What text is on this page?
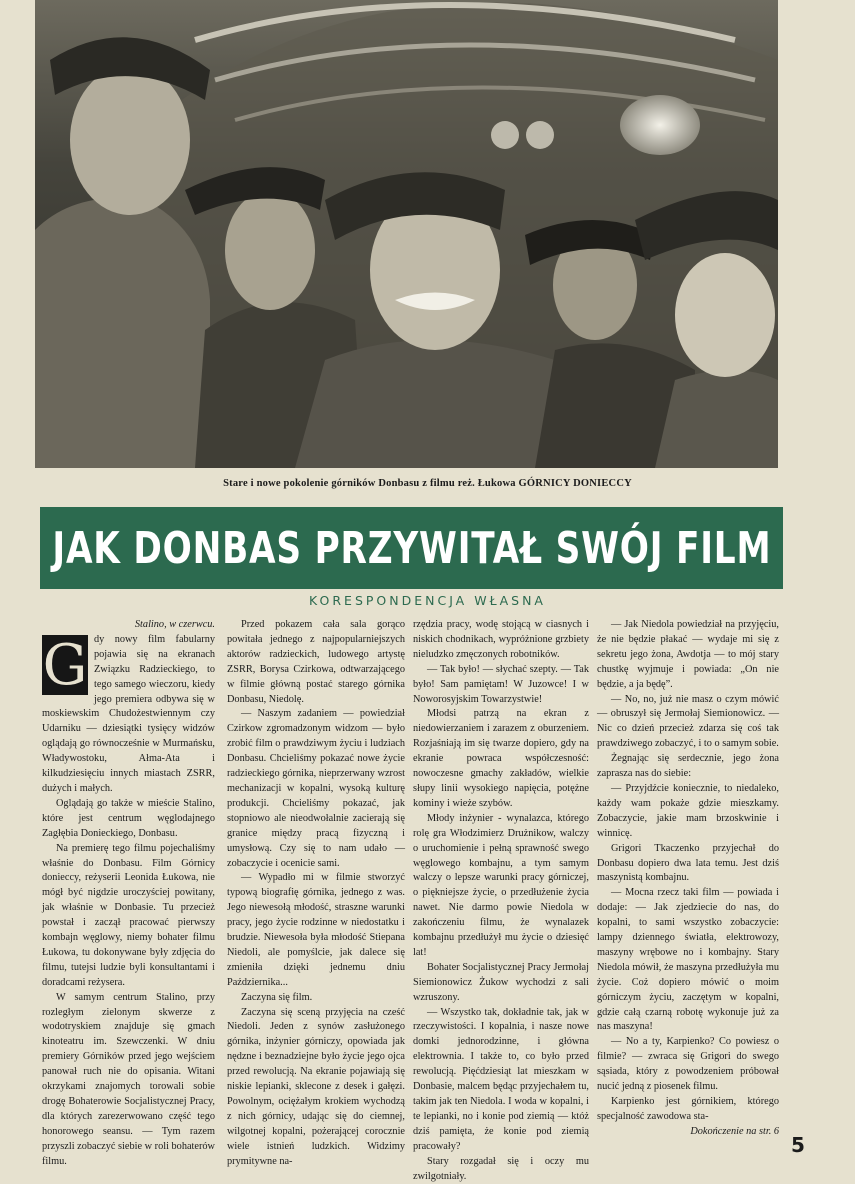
Stare i nowe pokolenie górników Donbasu z filmu reż. Łukowa GÓRNICY DONIECCY
JAK DONBAS PRZYWITAŁ SWÓJ FILM
KORESPONDENCJA WŁASNA

Stalino, w czerwcu.

G dy nowy film fabularny pojawia się na ekranach Związku Radzieckiego, to tego samego wieczoru, kiedy jego premiera odbywa się w moskiewskim Chudożestwiennym czy Udarniku — dziesiątki tysięcy widzów oglądają go równocześnie w Murmańsku, Władywostoku, Ałma-Ata i kilkudziesięciu innych miastach ZSRR, dużych i małych.

Oglądają go także w mieście Stalino, które jest centrum węglodajnego Zagłębia Donieckiego, Donbasu.

Na premierę tego filmu pojechaliśmy właśnie do Donbasu. Film Górnicy donieccy, reżyserii Leonida Łukowa, nie mógł być nigdzie uroczyściej powitany, jak właśnie w Donbasie. Tu przecież powstał i zaczął pracować pierwszy kombajn węglowy, niemy bohater filmu Łukowa, tu dokonywane były zdjęcia do filmu, tutejsi ludzie byli konsultantami i doradcami reżysera.

W samym centrum Stalino, przy rozległym zielonym skwerze z wodotryskiem znajduje się gmach kinoteatru im. Szewczenki. W dniu premiery Górników przed jego wejściem panował ruch nie do opisania. Witani okrzykami znajomych torowali sobie drogę Bohaterowie Socjalistycznej Pracy, dla których zarezerwowano część tego honorowego seansu. — Tym razem przyszli zobaczyć siebie w roli bohaterów filmu.

Przed pokazem cała sala gorąco powitała jednego z najpopularniejszych aktorów radzieckich, ludowego artystę ZSRR, Borysa Czirkowa, odtwarzającego w filmie główną postać starego górnika Donbasu, Niedolę.

— Naszym zadaniem — powiedział Czirkow zgromadzonym widzom — było zrobić film o prawdziwym życiu i ludziach Donbasu. Chcieliśmy pokazać nowe życie radzieckiego górnika, nieprzerwany wzrost mechanizacji w kopalni, wysoką kulturę produkcji. Chcieliśmy pokazać, jak stopniowo ale nieodwołalnie zacierają się granice między pracą fizyczną i umysłową. Czy się to nam udało — zobaczycie i ocenicie sami.

— Wypadło mi w filmie stworzyć typową biografię górnika, jednego z was. Jego niewesołą młodość, straszne warunki pracy, jego życie rodzinne w niedostatku i brudzie. Niewesoła była młodość Stiepana Niedoli, ale pomyślcie, jak dalece się zmieniła dzięki jednemu dniu Październikа...

Zaczyna się film.

Zaczyna się sceną przyjęcia na cześć Niedoli. Jeden z synów zasłużonego górnika, inżynier górniczy, opowiada jak nędzne i beznadziejne było życie jego ojca przed rewolucją. Na ekranie pojawiają się niskie lepianki, sklecone z desek i gałęzi. Powolnym, ociężałym krokiem wychodzą z nich górnicy, udając się do ciemnej, wilgotnej kopalni, pożerającej corocznie wiele istnień ludzkich. Widzimy prymitywne na-

rzędzia pracy, wodę stojącą w ciasnych i niskich chodnikach, wypróżnione grzbiety nieludzko zmęczonych robotników.

— Tak było! — słychać szepty. — Tak było! Sam pamiętam! W Juzowce! I w Noworosyjskim Towarzystwie!

Młodsi patrzą na ekran z niedowierzaniem i zarazem z oburzeniem. Rozjaśniają im się twarze dopiero, gdy na ekranie powraca współczesność: nowoczesne gmachy zakładów, wielkie słupy linii wysokiego napięcia, potężne kominy i wieże szybów.

Młody inżynier - wynalazca, którego rolę gra Włodzimierz Drużnikow, walczy o uruchomienie i pełną sprawność swego węglowego kombajnu, a tym samym walczy o lepsze warunki pracy górniczej, o piękniejsze życie, o przedłużenie życia nawet. Nie darmo powie Niedola w zakończeniu filmu, że wynalazek kombajnu przedłużył mu życie o dziesięć lat!

Bohater Socjalistycznej Pracy Jermołaj Siemionowicz Żukow wychodzi z sali wzruszony.

— Wszystko tak, dokładnie tak, jak w rzeczywistości. I kopalnia, i nasze nowe domki jednorodzinne, i główna elektrownia. I także to, co było przed rewolucją. Pięćdziesiąt lat mieszkam w Donbasie, malcem będąc przyjechałem tu, takim jak ten Niedola. I woda w kopalni, i te lepianki, no i konie pod ziemią — któż dziś pamięta, że konie pod ziemią pracowały?

Stary rozgadał się i oczy mu zwilgotniały.

— Jak Niedola powiedział na przyjęciu, że nie będzie płakać — wydaje mi się z sekretu jego żona, Awdotja — to mój stary chustkę wyjmuje i powiada: „On nie będzie, a ja będę”.

— No, no, już nie masz o czym mówić — obruszył się Jermołaj Siemionowicz. — Nic co dzień przecież zdarza się coś tak prawdziwego zobaczyć, i to o samym sobie.

Żegnając się serdecznie, jego żona zaprasza nas do siebie:

— Przyjdźcie koniecznie, to niedaleko, każdy wam pokaże gdzie mieszkamy. Zobaczycie, jakie mam brzoskwinie i winnicę.

Grigori Tkaczenko przyjechał do Donbasu dopiero dwa lata temu. Jest dziś maszynistą kombajnu.

— Mocna rzecz taki film — powiada i dodaje: — Jak zjedziecie do nas, do kopalni, to sami wszystko zobaczycie: lampy dziennego światła, elektrowozy, maszyny wrębowe no i kombajny. Stary Niedola mówił, że maszyna przedłużyła mu życie. Coż dopiero mówić o moim górniczym życiu, zaczętym w kopalni, gdzie całą czarną robotę wykonuje już za nas maszyna!

— No a ty, Karpienko? Co powiesz o filmie? — zwraca się Grigori do swego sąsiada, który z powodzeniem próbował nucić jedną z piosenek filmu.

Karpienko jest górnikiem, którego specjalność zawodowa sta-

Dokończenie na str. 6

5
